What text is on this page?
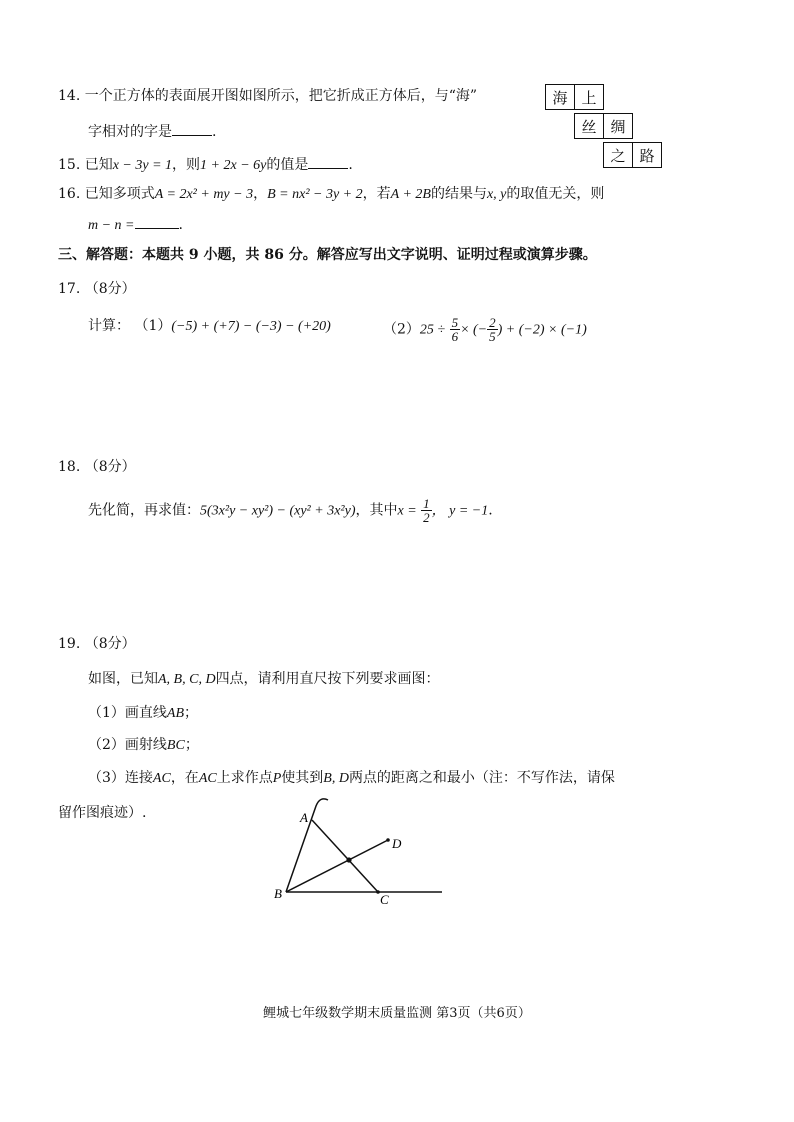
14. 一个正方体的表面展开图如图所示，把它折成正方体后，与“海”
字相对的字是	.
海 上
丝 绸
之 路
15. 已知x − 3y = 1，则1 + 2x − 6y的值是	.
16. 已知多项式A = 2x² + my − 3，B = nx² − 3y + 2，若A + 2B的结果与x, y的取值无关，则
m − n =	.
三、解答题：本题共 9 小题，共 86 分。解答应写出文字说明、证明过程或演算步骤。
17. （8分）
计算： （1）(−5) + (+7) − (−3) − (+20)	$(2)25 \div \frac{5}{6}$ × (− $\frac{2}{5}$ ) + (−2) × (−1)
18. （8分）
先化简，再求值：5(3x²y − xy²) − (xy² + 3x²y)，其中$x = \frac{1}{2}$ ， y = −1.
19. （8分）
如图，已知A, B, C, D四点，请利用直尺按下列要求画图：
（1）画直线AB；
（2）画射线BC；
（3）连接AC，在AC上求作点P使其到B, D两点的距离之和最小（注：不写作法，请保
留作图痕迹）.	A
B	C
D
鲤城七年级数学期末质量监测 第3页（共6页）
